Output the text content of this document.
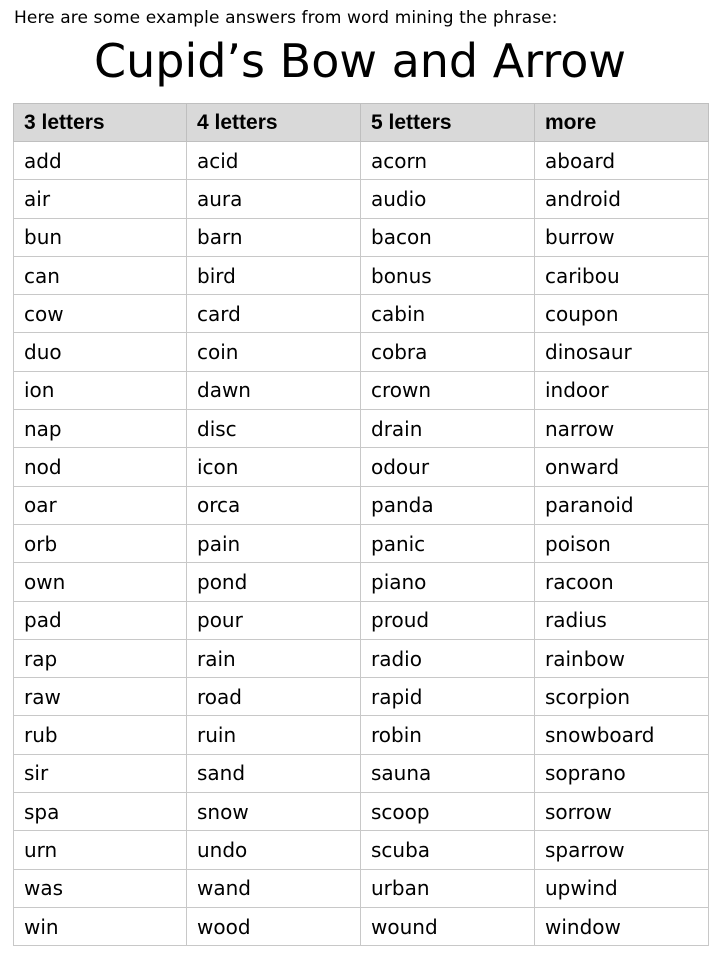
Here are some example answers from word mining the phrase:
Cupid’s Bow and Arrow
3 letters	4 letters	5 letters	more
add	acid	acorn	aboard
air	aura	audio	android
bun	barn	bacon	burrow
can	bird	bonus	caribou
cow	card	cabin	coupon
duo	coin	cobra	dinosaur
ion	dawn	crown	indoor
nap	disc	drain	narrow
nod	icon	odour	onward
oar	orca	panda	paranoid
orb	pain	panic	poison
own	pond	piano	racoon
pad	pour	proud	radius
rap	rain	radio	rainbow
raw	road	rapid	scorpion
rub	ruin	robin	snowboard
sir	sand	sauna	soprano
spa	snow	scoop	sorrow
urn	undo	scuba	sparrow
was	wand	urban	upwind
win	wood	wound	window
